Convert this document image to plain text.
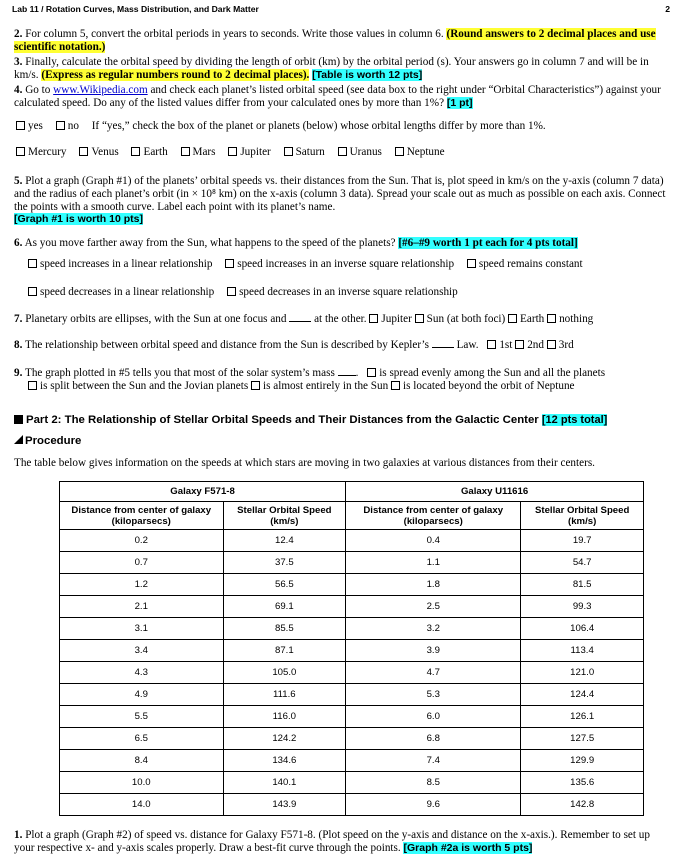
Lab 11 / Rotation Curves, Mass Distribution, and Dark Matter	2
2. For column 5, convert the orbital periods in years to seconds. Write those values in column 6. (Round answers to 2 decimal places and use scientific notation.)
3. Finally, calculate the orbital speed by dividing the length of orbit (km) by the orbital period (s). Your answers go in column 7 and will be in km/s. (Express as regular numbers round to 2 decimal places). [Table is worth 12 pts]
4. Go to www.Wikipedia.com and check each planet’s listed orbital speed (see data box to the right under “Orbital Characteristics”) against your calculated speed. Do any of the listed values differ from your calculated ones by more than 1%? [1 pt]
yes no If “yes,” check the box of the planet or planets (below) whose orbital lengths differ by more than 1%.
Mercury Venus Earth Mars Jupiter Saturn Uranus Neptune
5. Plot a graph (Graph #1) of the planets’ orbital speeds vs. their distances from the Sun. That is, plot speed in km/s on the y-axis (column 7 data) and the radius of each planet’s orbit (in × 10⁸ km) on the x-axis (column 3 data). Spread your scale out as much as possible on each axis. Connect the points with a smooth curve. Label each point with its planet’s name.
[Graph #1 is worth 10 pts]
6. As you move farther away from the Sun, what happens to the speed of the planets? [#6–#9 worth 1 pt each for 4 pts total]
speed increases in a linear relationship speed increases in an inverse square relationship speed remains constant
speed decreases in a linear relationship speed decreases in an inverse square relationship
7. Planetary orbits are ellipses, with the Sun at one focus and at the other. Jupiter Sun (at both foci) Earth nothing
8. The relationship between orbital speed and distance from the Sun is described by Kepler’s Law. 1st 2nd 3rd
9. The graph plotted in #5 tells you that most of the solar system’s mass . is spread evenly among the Sun and all the planets
is split between the Sun and the Jovian planets is almost entirely in the Sun is located beyond the orbit of Neptune
Part 2: The Relationship of Stellar Orbital Speeds and Their Distances from the Galactic Center [12 pts total]
Procedure
The table below gives information on the speeds at which stars are moving in two galaxies at various distances from their centers.
Galaxy F571-8		Galaxy U11616	
Distance from center of galaxy (kiloparsecs)	Stellar Orbital Speed (km/s)	Distance from center of galaxy (kiloparsecs)	Stellar Orbital Speed (km/s)
0.2	12.4	0.4	19.7
0.7	37.5	1.1	54.7
1.2	56.5	1.8	81.5
2.1	69.1	2.5	99.3
3.1	85.5	3.2	106.4
3.4	87.1	3.9	113.4
4.3	105.0	4.7	121.0
4.9	111.6	5.3	124.4
5.5	116.0	6.0	126.1
6.5	124.2	6.8	127.5
8.4	134.6	7.4	129.9
10.0	140.1	8.5	135.6
14.0	143.9	9.6	142.8
1. Plot a graph (Graph #2) of speed vs. distance for Galaxy F571-8. (Plot speed on the y-axis and distance on the x-axis.). Remember to set up your respective x- and y-axis scales properly. Draw a best-fit curve through the points. [Graph #2a is worth 5 pts]
